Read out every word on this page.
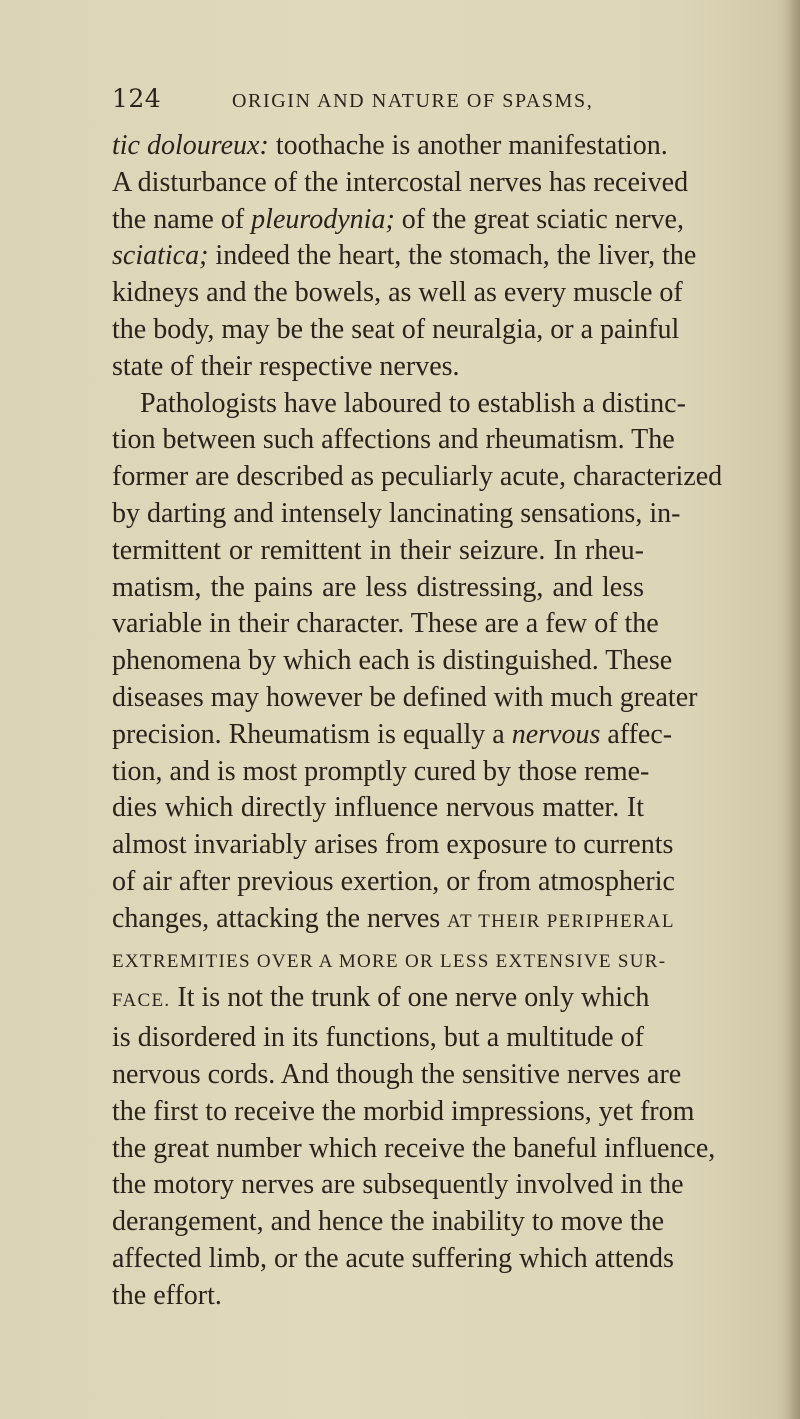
124	ORIGIN AND NATURE OF SPASMS,
tic doloureux: toothache is another manifestation.
A disturbance of the intercostal nerves has received
the name of pleurodynia; of the great sciatic nerve,
sciatica; indeed the heart, the stomach, the liver, the
kidneys and the bowels, as well as every muscle of
the body, may be the seat of neuralgia, or a painful
state of their respective nerves.
Pathologists have laboured to establish a distinc-
tion between such affections and rheumatism. The
former are described as peculiarly acute, characterized
by darting and intensely lancinating sensations, in-
termittent or remittent in their seizure. In rheu-
matism, the pains are less distressing, and less
variable in their character. These are a few of the
phenomena by which each is distinguished. These
diseases may however be defined with much greater
precision. Rheumatism is equally a nervous affec-
tion, and is most promptly cured by those reme-
dies which directly influence nervous matter. It
almost invariably arises from exposure to currents
of air after previous exertion, or from atmospheric
changes, attacking the nerves AT THEIR PERIPHERAL
EXTREMITIES OVER A MORE OR LESS EXTENSIVE SUR-
FACE. It is not the trunk of one nerve only which
is disordered in its functions, but a multitude of
nervous cords. And though the sensitive nerves are
the first to receive the morbid impressions, yet from
the great number which receive the baneful influence,
the motory nerves are subsequently involved in the
derangement, and hence the inability to move the
affected limb, or the acute suffering which attends
the effort.
